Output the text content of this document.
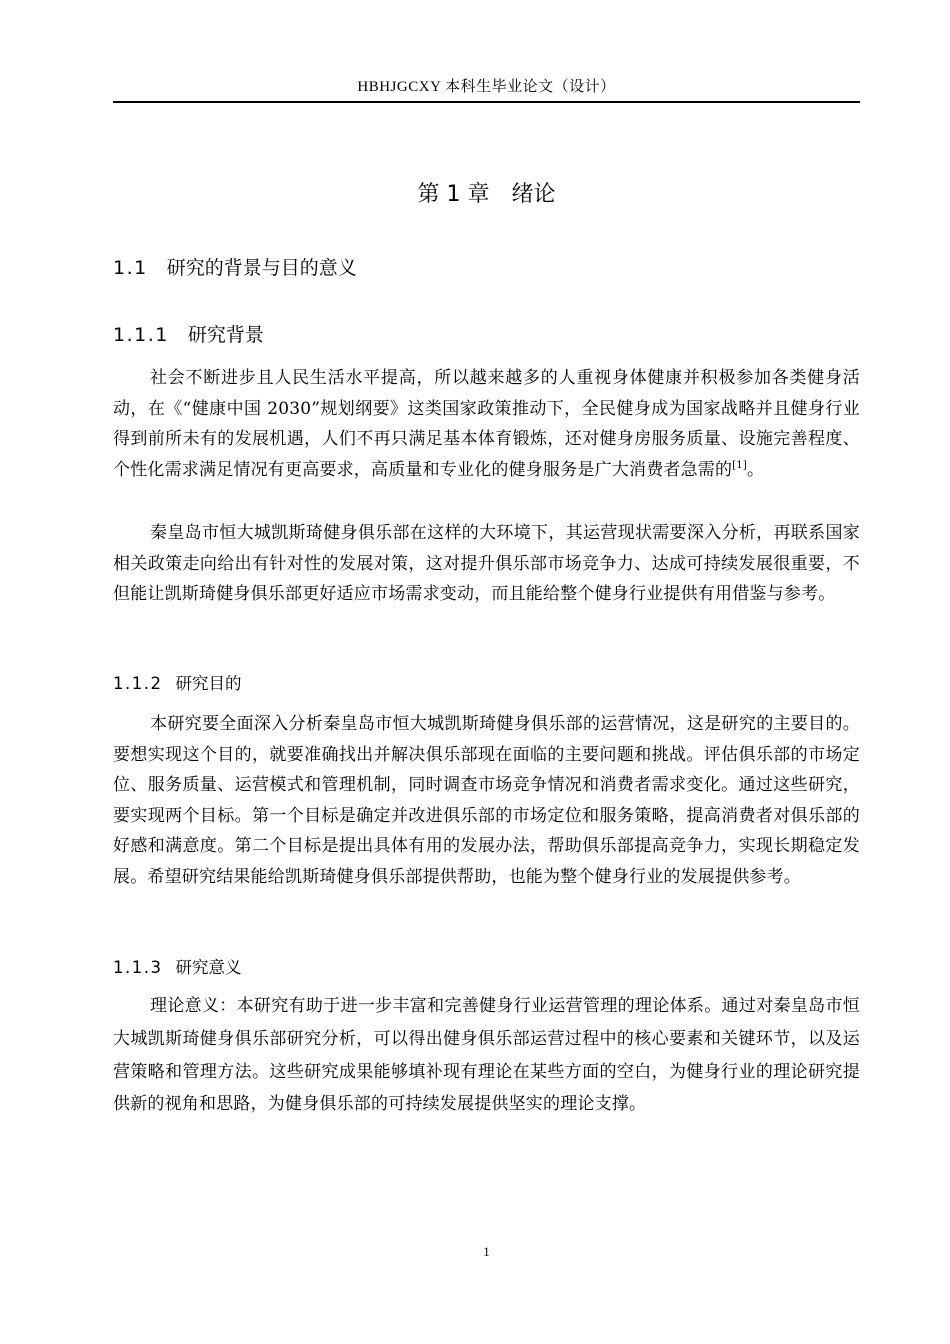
HBHJGCXY 本科生毕业论文（设计）
第 1 章 绪论
1.1 研究的背景与目的意义
1.1.1 研究背景

社会不断进步且人民生活水平提高，所以越来越多的人重视身体健康并积极参加各类健身活动，在《“健康中国 2030”规划纲要》这类国家政策推动下，全民健身成为国家战略并且健身行业得到前所未有的发展机遇，人们不再只满足基本体育锻炼，还对健身房服务质量、设施完善程度、个性化需求满足情况有更高要求，高质量和专业化的健身服务是广大消费者急需的[1]。

秦皇岛市恒大城凯斯琦健身俱乐部在这样的大环境下，其运营现状需要深入分析，再联系国家相关政策走向给出有针对性的发展对策，这对提升俱乐部市场竞争力、达成可持续发展很重要，不但能让凯斯琦健身俱乐部更好适应市场需求变动，而且能给整个健身行业提供有用借鉴与参考。

1.1.2 研究目的

本研究要全面深入分析秦皇岛市恒大城凯斯琦健身俱乐部的运营情况，这是研究的主要目的。要想实现这个目的，就要准确找出并解决俱乐部现在面临的主要问题和挑战。评估俱乐部的市场定位、服务质量、运营模式和管理机制，同时调查市场竞争情况和消费者需求变化。通过这些研究，要实现两个目标。第一个目标是确定并改进俱乐部的市场定位和服务策略，提高消费者对俱乐部的好感和满意度。第二个目标是提出具体有用的发展办法，帮助俱乐部提高竞争力，实现长期稳定发展。希望研究结果能给凯斯琦健身俱乐部提供帮助，也能为整个健身行业的发展提供参考。

1.1.3 研究意义

理论意义：本研究有助于进一步丰富和完善健身行业运营管理的理论体系。通过对秦皇岛市恒大城凯斯琦健身俱乐部研究分析，可以得出健身俱乐部运营过程中的核心要素和关键环节，以及运营策略和管理方法。这些研究成果能够填补现有理论在某些方面的空白，为健身行业的理论研究提供新的视角和思路，为健身俱乐部的可持续发展提供坚实的理论支撑。

1
